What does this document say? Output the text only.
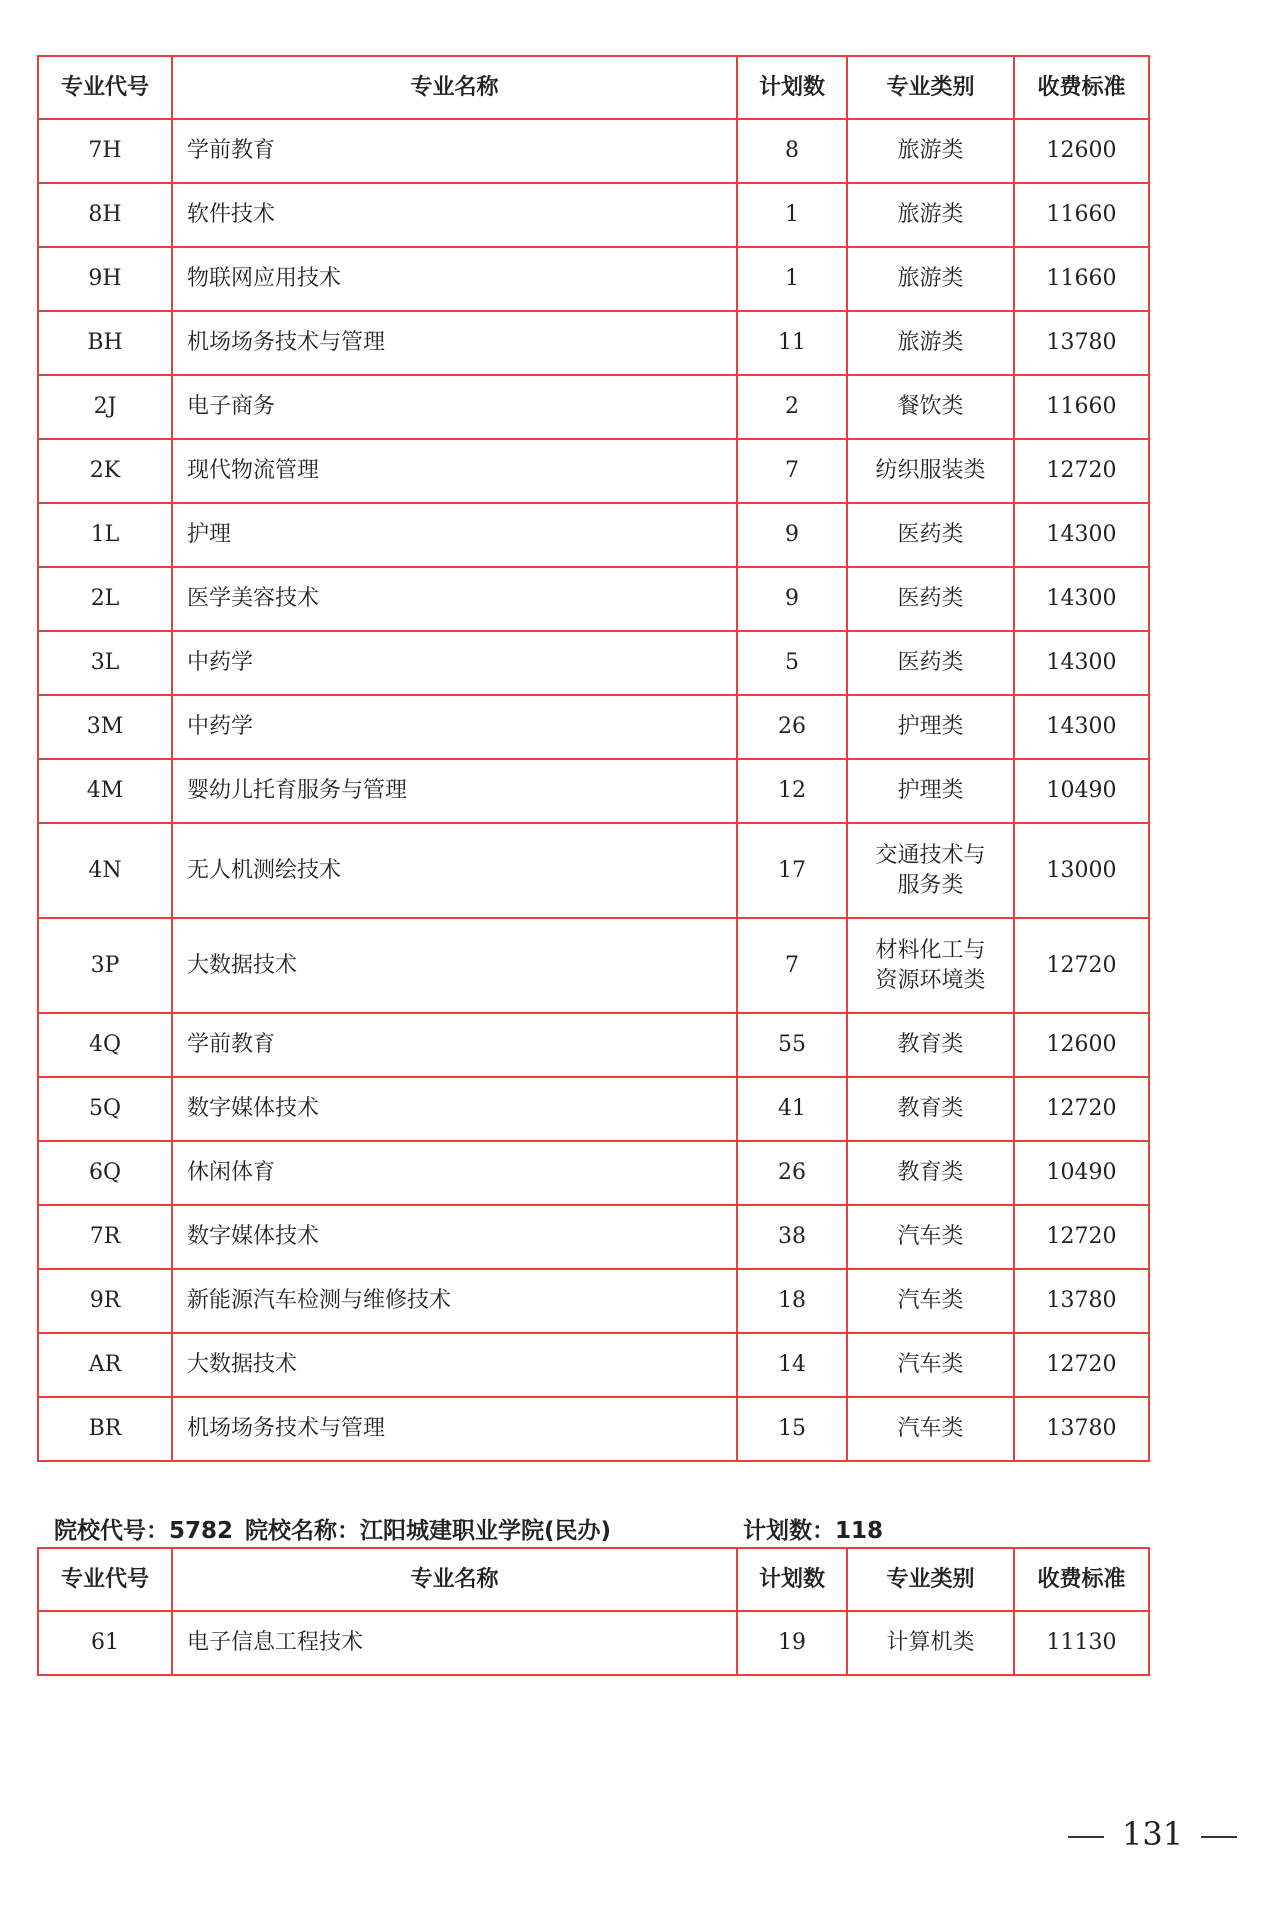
专业代号	专业名称	计划数	专业类别	收费标准
7H	学前教育	8	旅游类	12600
8H	软件技术	1	旅游类	11660
9H	物联网应用技术	1	旅游类	11660
BH	机场场务技术与管理	11	旅游类	13780
2J	电子商务	2	餐饮类	11660
2K	现代物流管理	7	纺织服装类	12720
1L	护理	9	医药类	14300
2L	医学美容技术	9	医药类	14300
3L	中药学	5	医药类	14300
3M	中药学	26	护理类	14300
4M	婴幼儿托育服务与管理	12	护理类	10490
4N	无人机测绘技术	17	交通技术与服务类	13000
3P	大数据技术	7	材料化工与资源环境类	12720
4Q	学前教育	55	教育类	12600
5Q	数字媒体技术	41	教育类	12720
6Q	休闲体育	26	教育类	10490
7R	数字媒体技术	38	汽车类	12720
9R	新能源汽车检测与维修技术	18	汽车类	13780
AR	大数据技术	14	汽车类	12720
BR	机场场务技术与管理	15	汽车类	13780
院校代号：5782 院校名称：江阳城建职业学院(民办)	计划数：118
专业代号	专业名称	计划数	专业类别	收费标准
61	电子信息工程技术	19	计算机类	11130
131
